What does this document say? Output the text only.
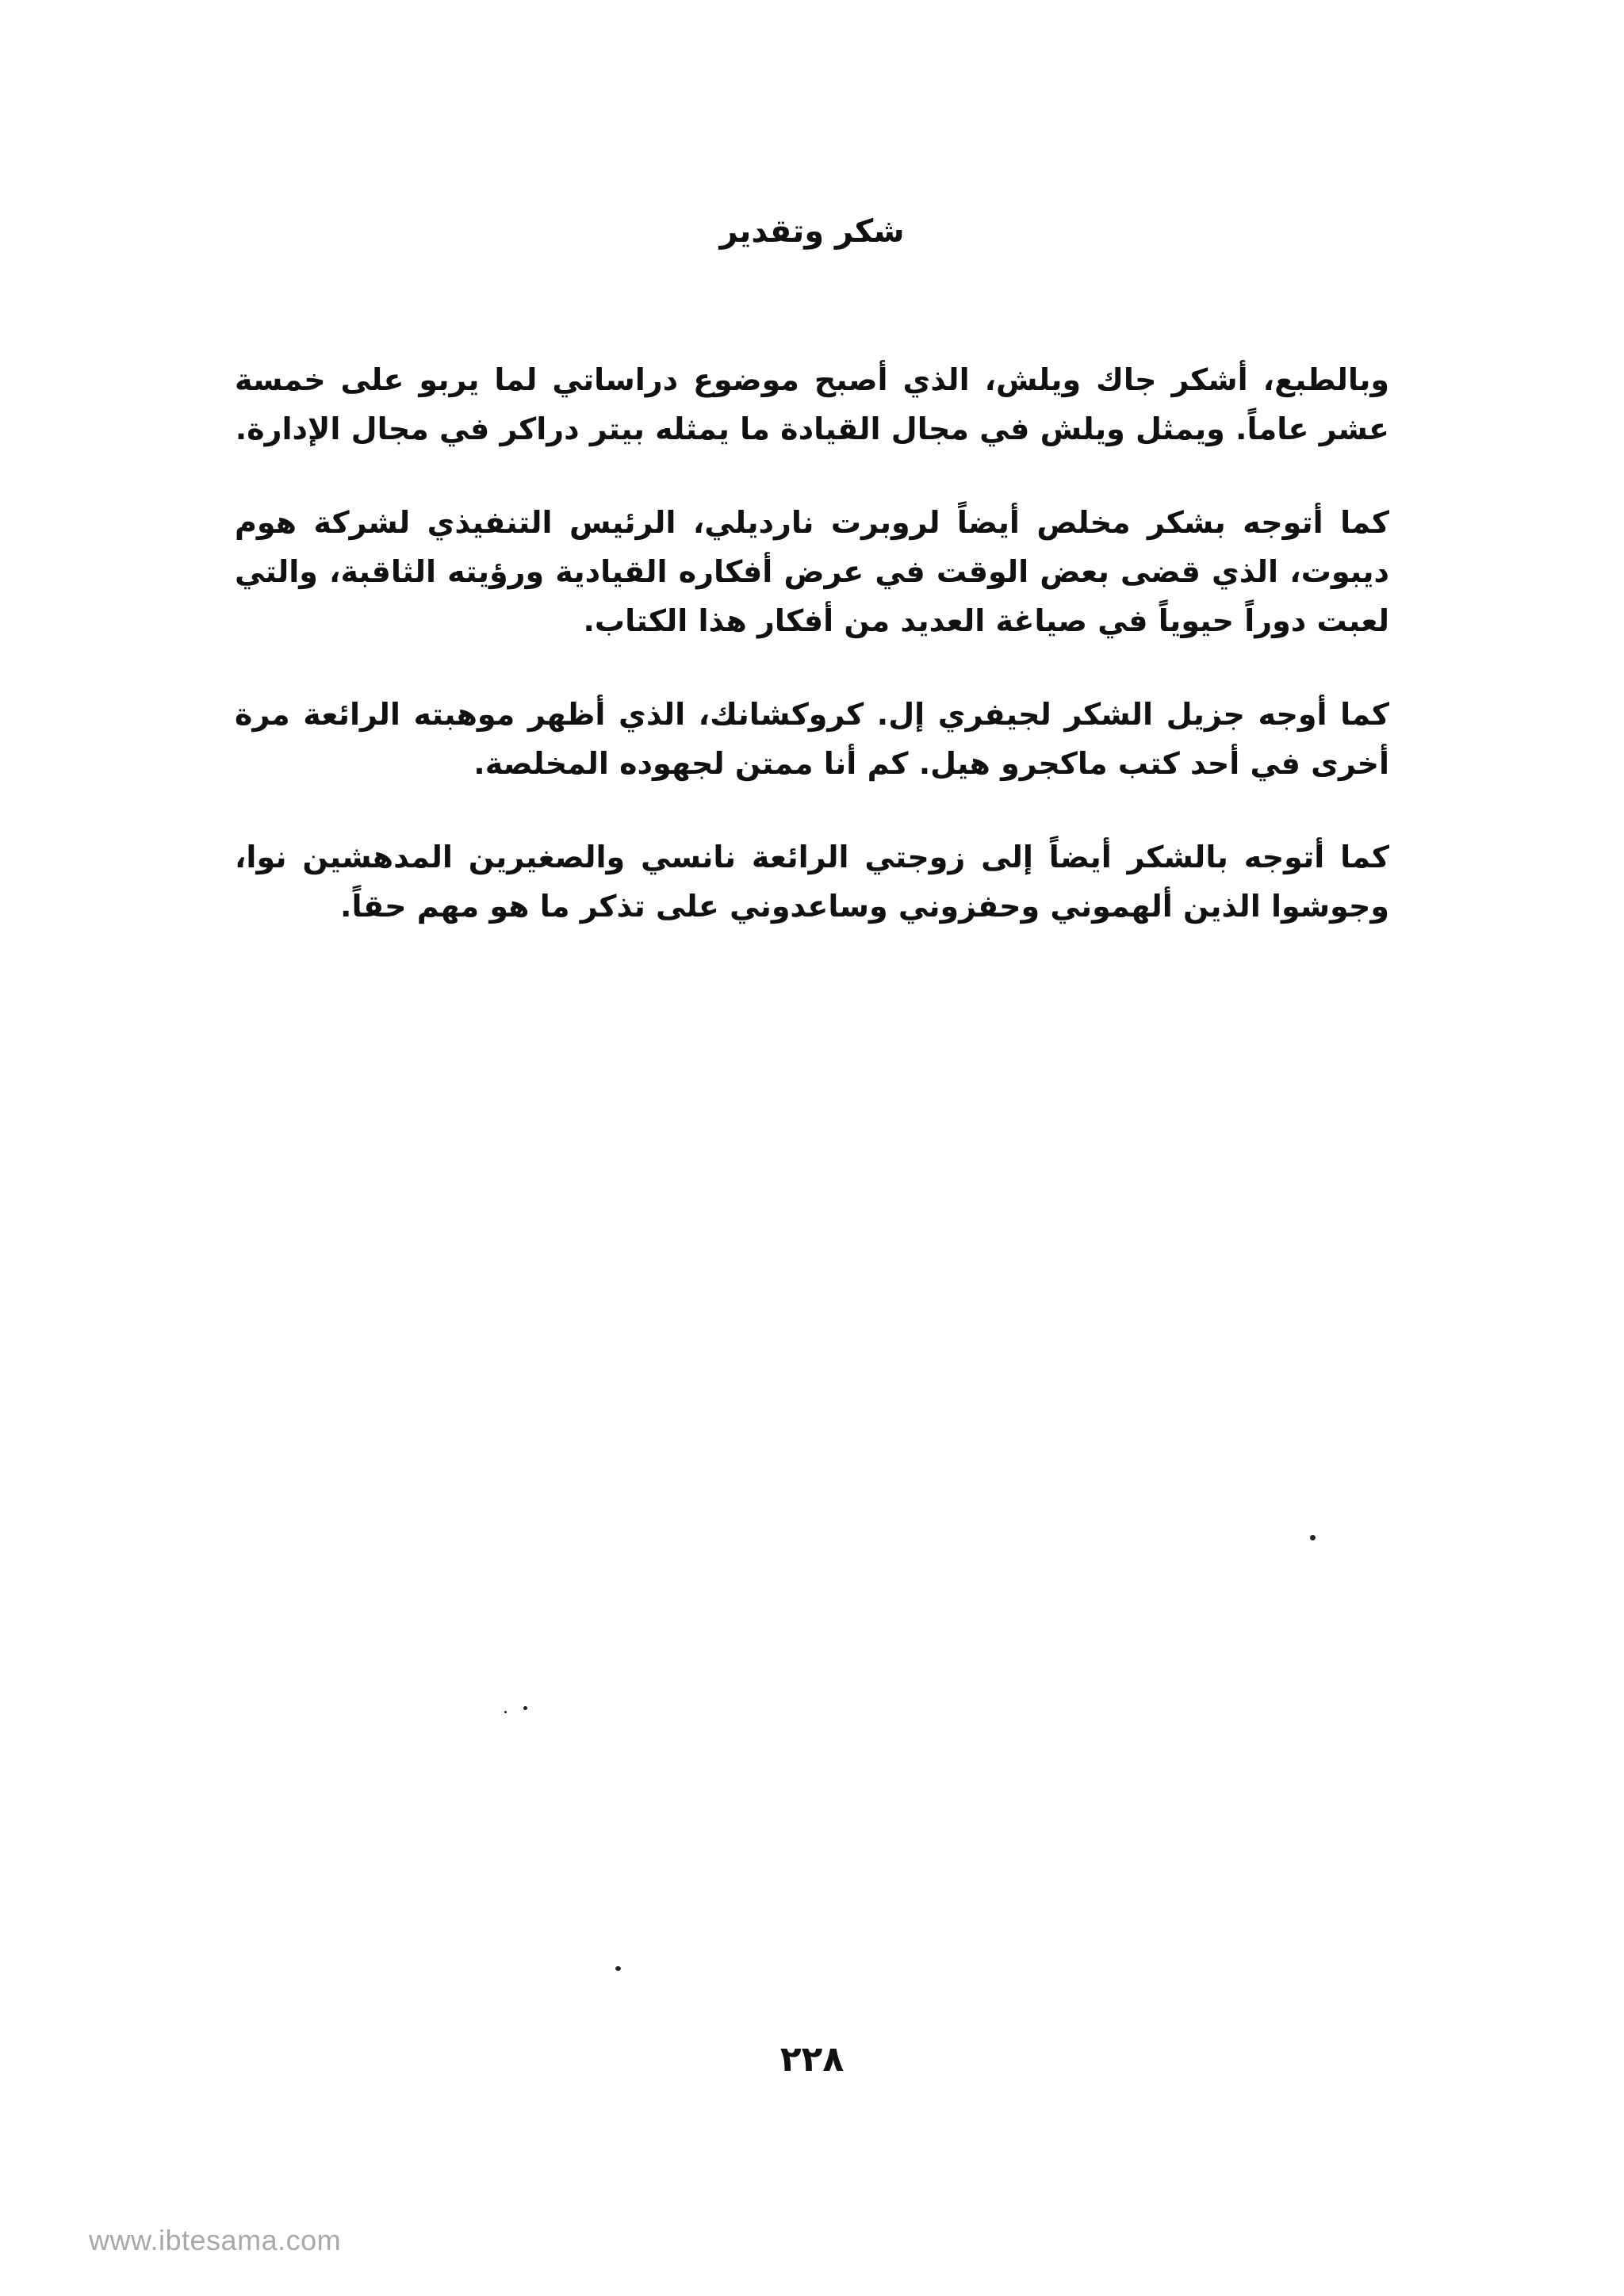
شكر وتقدير

وبالطبع، أشكر جاك ويلش، الذي أصبح موضوع دراساتي لما يربو على خمسة عشر عاماً. ويمثل ويلش في مجال القيادة ما يمثله بيتر دراكر في مجال الإدارة.

كما أتوجه بشكر مخلص أيضاً لروبرت نارديلي، الرئيس التنفيذي لشركة هوم ديبوت، الذي قضى بعض الوقت في عرض أفكاره القيادية ورؤيته الثاقبة، والتي لعبت دوراً حيوياً في صياغة العديد من أفكار هذا الكتاب.

كما أوجه جزيل الشكر لجيفري إل. كروكشانك، الذي أظهر موهبته الرائعة مرة أخرى في أحد كتب ماكجرو هيل. كم أنا ممتن لجهوده المخلصة.

كما أتوجه بالشكر أيضاً إلى زوجتي الرائعة نانسي والصغيرين المدهشين نوا، وجوشوا الذين ألهموني وحفزوني وساعدوني على تذكر ما هو مهم حقاً.

٢٢٨
www.ibtesama.com
